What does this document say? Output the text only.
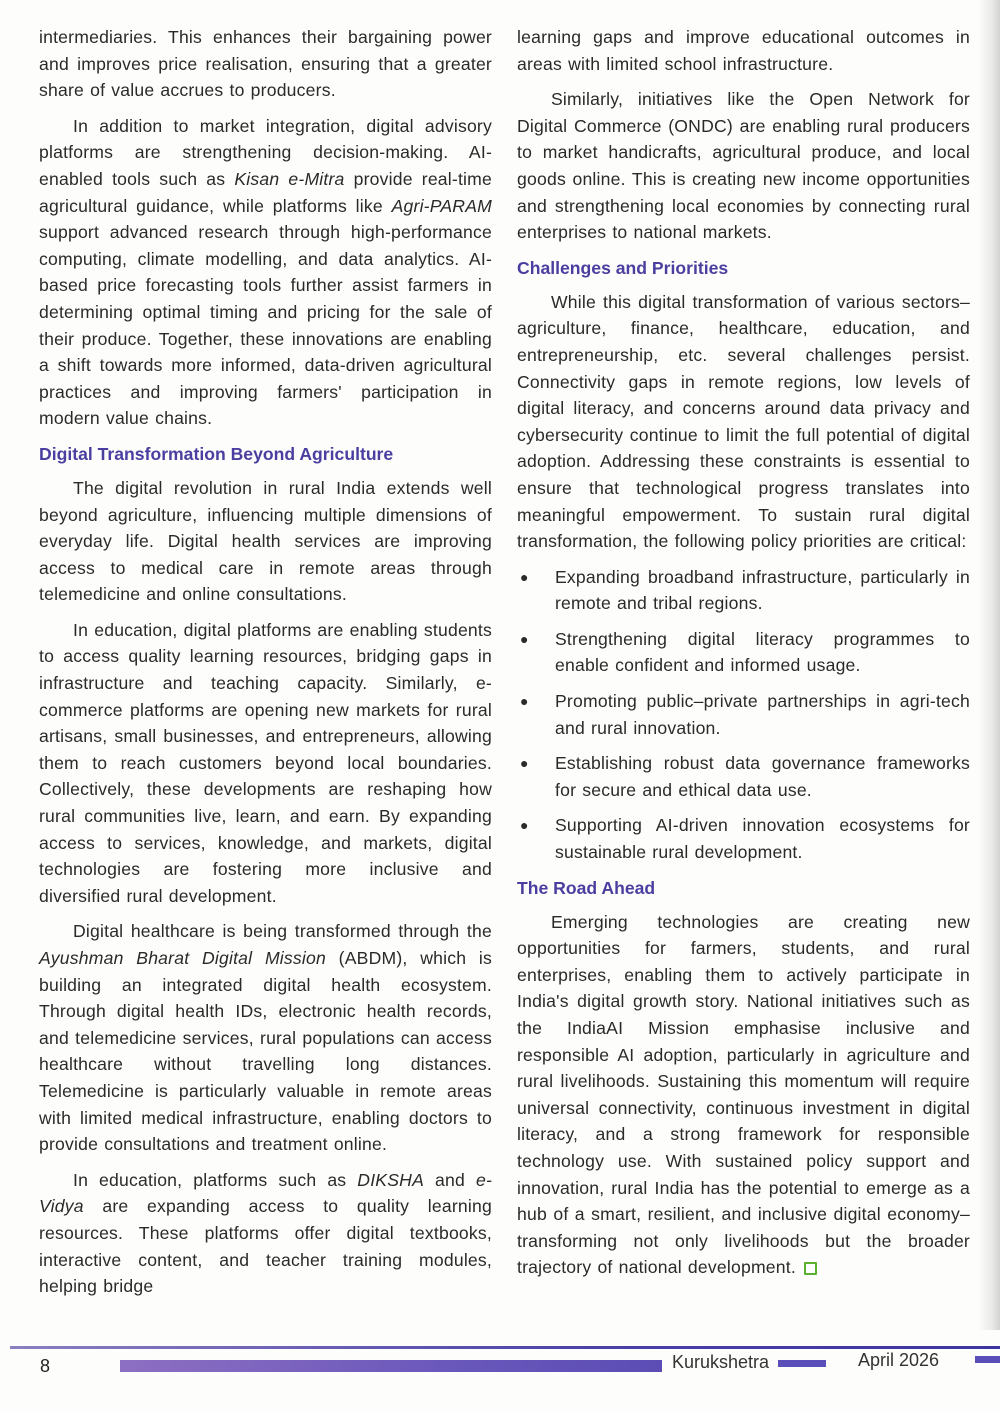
intermediaries. This enhances their bargaining power and improves price realisation, ensuring that a greater share of value accrues to producers.

In addition to market integration, digital advisory platforms are strengthening decision-making. AI-enabled tools such as Kisan e-Mitra provide real-time agricultural guidance, while platforms like Agri-PARAM support advanced research through high-performance computing, climate modelling, and data analytics. AI-based price forecasting tools further assist farmers in determining optimal timing and pricing for the sale of their produce. Together, these innovations are enabling a shift towards more informed, data-driven agricultural practices and improving farmers' participation in modern value chains.

Digital Transformation Beyond Agriculture

The digital revolution in rural India extends well beyond agriculture, influencing multiple dimensions of everyday life. Digital health services are improving access to medical care in remote areas through telemedicine and online consultations.

In education, digital platforms are enabling students to access quality learning resources, bridging gaps in infrastructure and teaching capacity. Similarly, e-commerce platforms are opening new markets for rural artisans, small businesses, and entrepreneurs, allowing them to reach customers beyond local boundaries. Collectively, these developments are reshaping how rural communities live, learn, and earn. By expanding access to services, knowledge, and markets, digital technologies are fostering more inclusive and diversified rural development.

Digital healthcare is being transformed through the Ayushman Bharat Digital Mission (ABDM), which is building an integrated digital health ecosystem. Through digital health IDs, electronic health records, and telemedicine services, rural populations can access healthcare without travelling long distances. Telemedicine is particularly valuable in remote areas with limited medical infrastructure, enabling doctors to provide consultations and treatment online.

In education, platforms such as DIKSHA and e-Vidya are expanding access to quality learning resources. These platforms offer digital textbooks, interactive content, and teacher training modules, helping bridge

learning gaps and improve educational outcomes in areas with limited school infrastructure.

Similarly, initiatives like the Open Network for Digital Commerce (ONDC) are enabling rural producers to market handicrafts, agricultural produce, and local goods online. This is creating new income opportunities and strengthening local economies by connecting rural enterprises to national markets.

Challenges and Priorities

While this digital transformation of various sectors– agriculture, finance, healthcare, education, and entrepreneurship, etc. several challenges persist. Connectivity gaps in remote regions, low levels of digital literacy, and concerns around data privacy and cybersecurity continue to limit the full potential of digital adoption. Addressing these constraints is essential to ensure that technological progress translates into meaningful empowerment. To sustain rural digital transformation, the following policy priorities are critical:

● Expanding broadband infrastructure, particularly in remote and tribal regions.
● Strengthening digital literacy programmes to enable confident and informed usage.
● Promoting public–private partnerships in agri-tech and rural innovation.
● Establishing robust data governance frameworks for secure and ethical data use.
● Supporting AI-driven innovation ecosystems for sustainable rural development.
The Road Ahead

Emerging technologies are creating new opportunities for farmers, students, and rural enterprises, enabling them to actively participate in India's digital growth story. National initiatives such as the IndiaAI Mission emphasise inclusive and responsible AI adoption, particularly in agriculture and rural livelihoods. Sustaining this momentum will require universal connectivity, continuous investment in digital literacy, and a strong framework for responsible technology use. With sustained policy support and innovation, rural India has the potential to emerge as a hub of a smart, resilient, and inclusive digital economy–transforming not only livelihoods but the broader trajectory of national development.

8	Kurukshetra	April 2026
